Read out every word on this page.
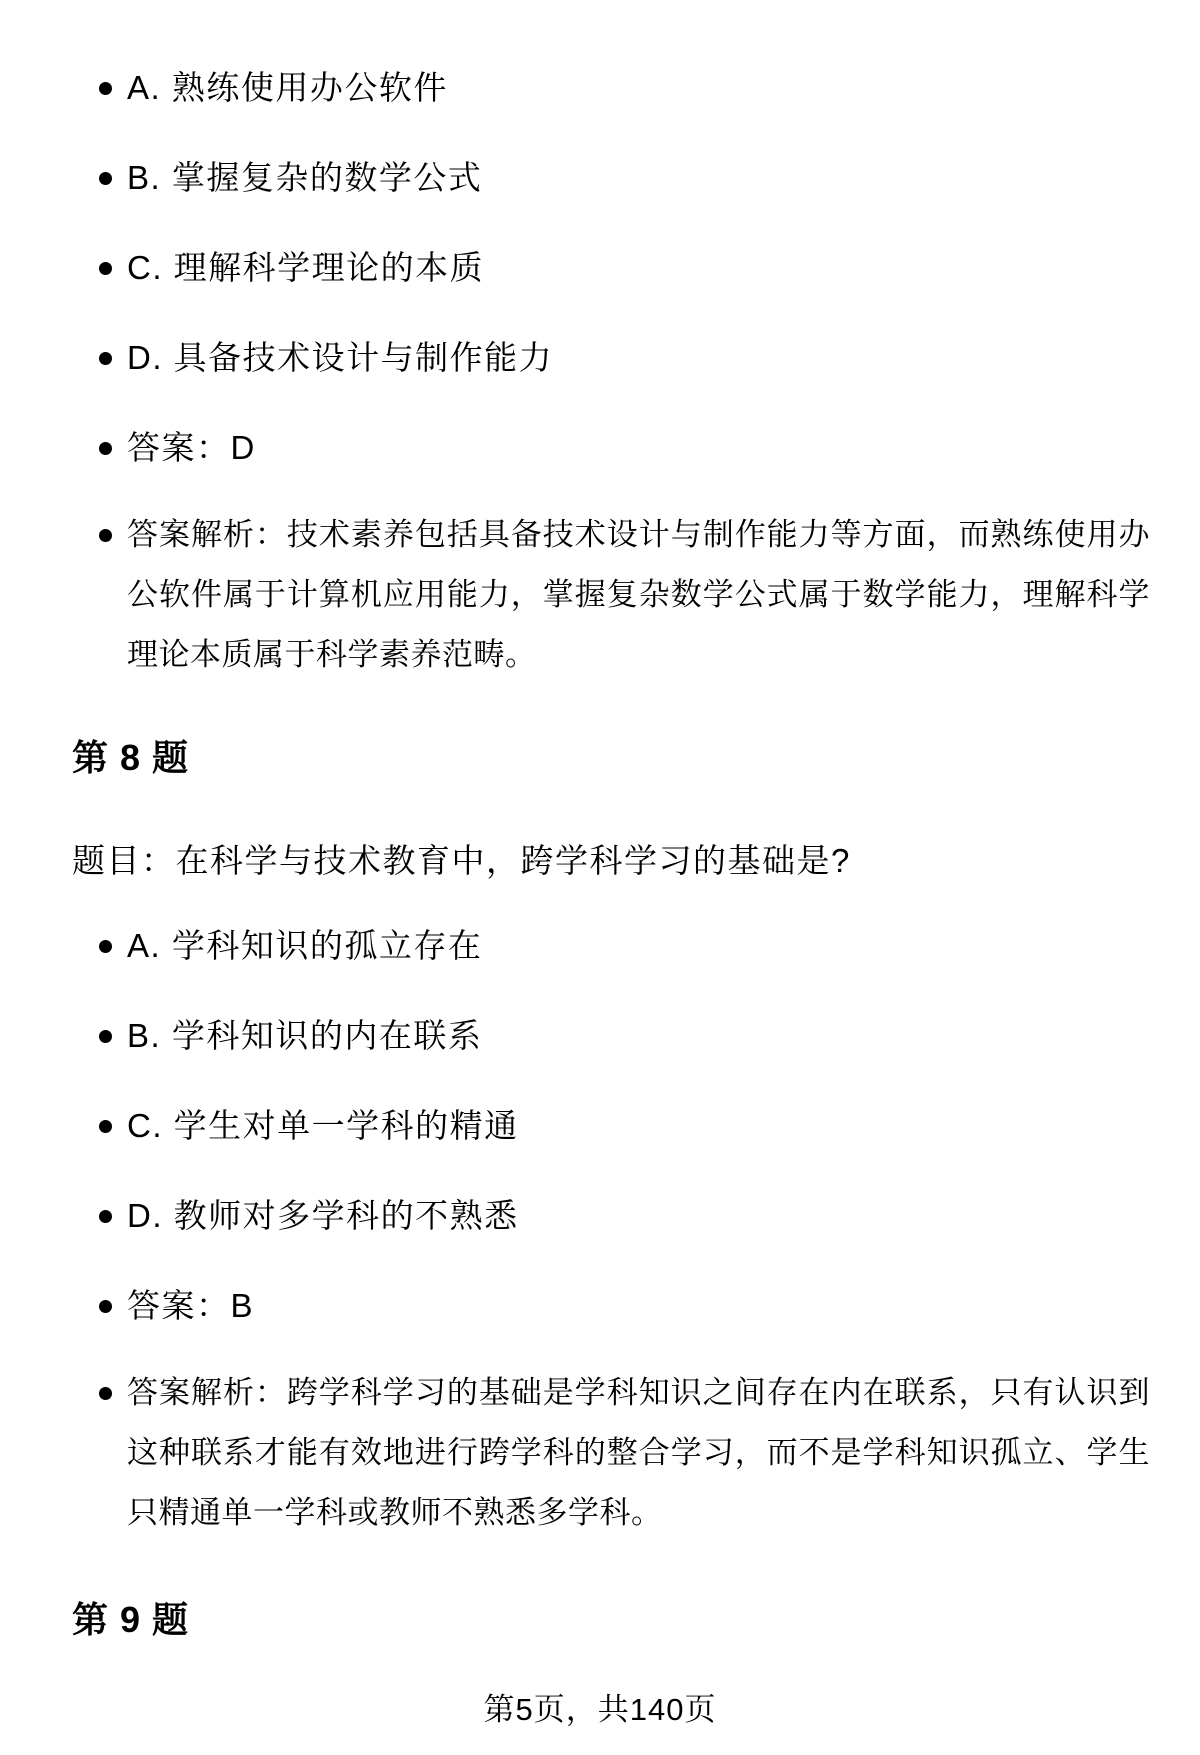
A. 熟练使用办公软件
B. 掌握复杂的数学公式
C. 理解科学理论的本质
D. 具备技术设计与制作能力
答案：D
答案解析：技术素养包括具备技术设计与制作能力等方面，而熟练使用办公软件属于计算机应用能力，掌握复杂数学公式属于数学能力，理解科学理论本质属于科学素养范畴。
第 8 题

题目：在科学与技术教育中，跨学科学习的基础是?

A. 学科知识的孤立存在
B. 学科知识的内在联系
C. 学生对单一学科的精通
D. 教师对多学科的不熟悉
答案：B
答案解析：跨学科学习的基础是学科知识之间存在内在联系，只有认识到这种联系才能有效地进行跨学科的整合学习，而不是学科知识孤立、学生只精通单一学科或教师不熟悉多学科。
第 9 题
第5页，共140页
